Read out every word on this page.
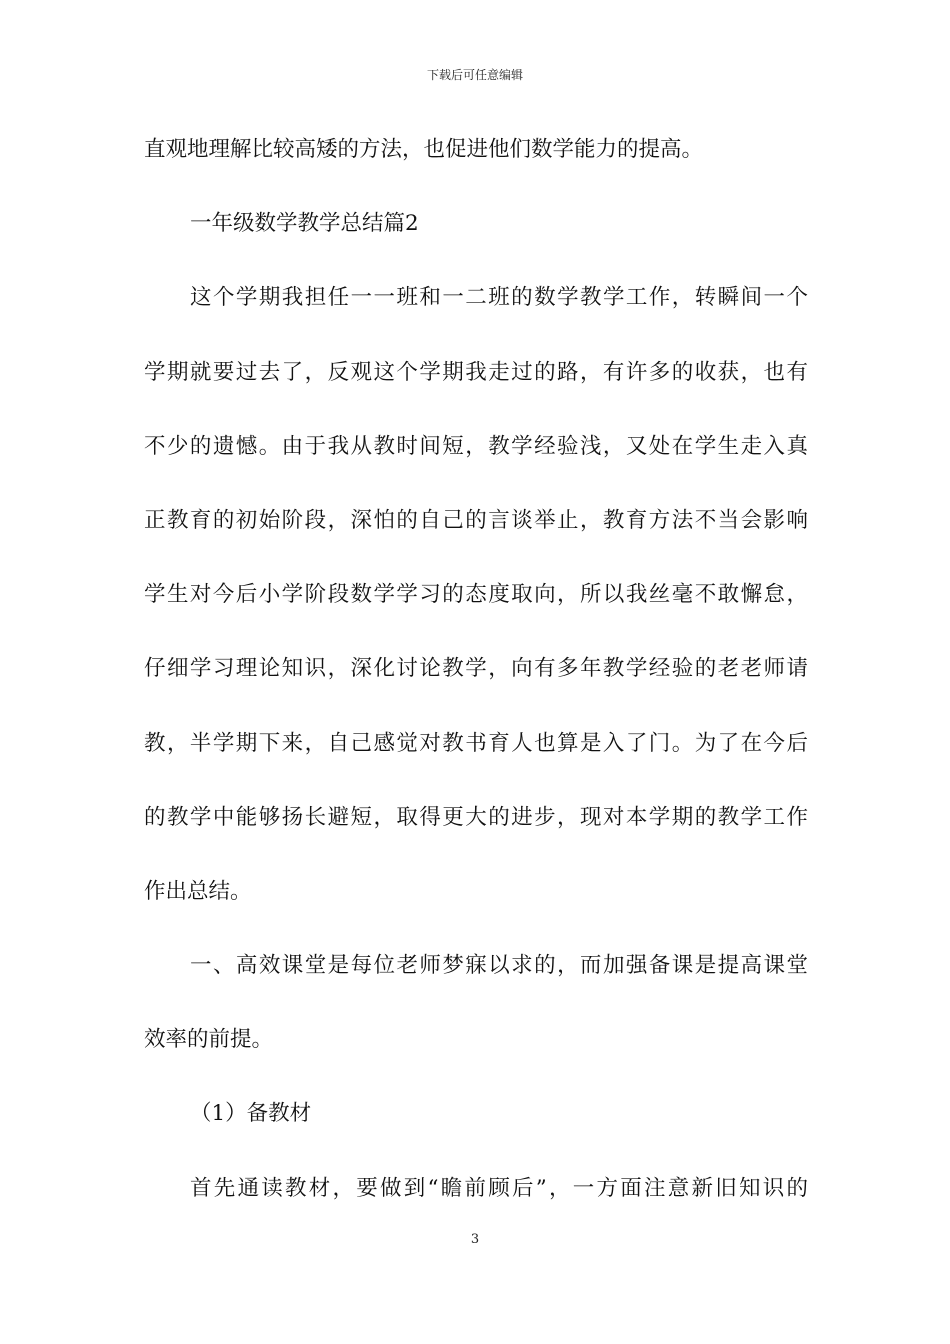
下载后可任意编辑

直观地理解比较高矮的方法，也促进他们数学能力的提高。

一年级数学教学总结篇2

这个学期我担任一一班和一二班的数学教学工作，转瞬间一个

学期就要过去了，反观这个学期我走过的路，有许多的收获，也有

不少的遗憾。由于我从教时间短，教学经验浅，又处在学生走入真

正教育的初始阶段，深怕的自己的言谈举止，教育方法不当会影响

学生对今后小学阶段数学学习的态度取向，所以我丝毫不敢懈怠，

仔细学习理论知识，深化讨论教学，向有多年教学经验的老老师请

教，半学期下来，自己感觉对教书育人也算是入了门。为了在今后

的教学中能够扬长避短，取得更大的进步，现对本学期的教学工作

作出总结。

一、高效课堂是每位老师梦寐以求的，而加强备课是提高课堂

效率的前提。

（1）备教材

首先通读教材，要做到“瞻前顾后”，一方面注意新旧知识的

3
